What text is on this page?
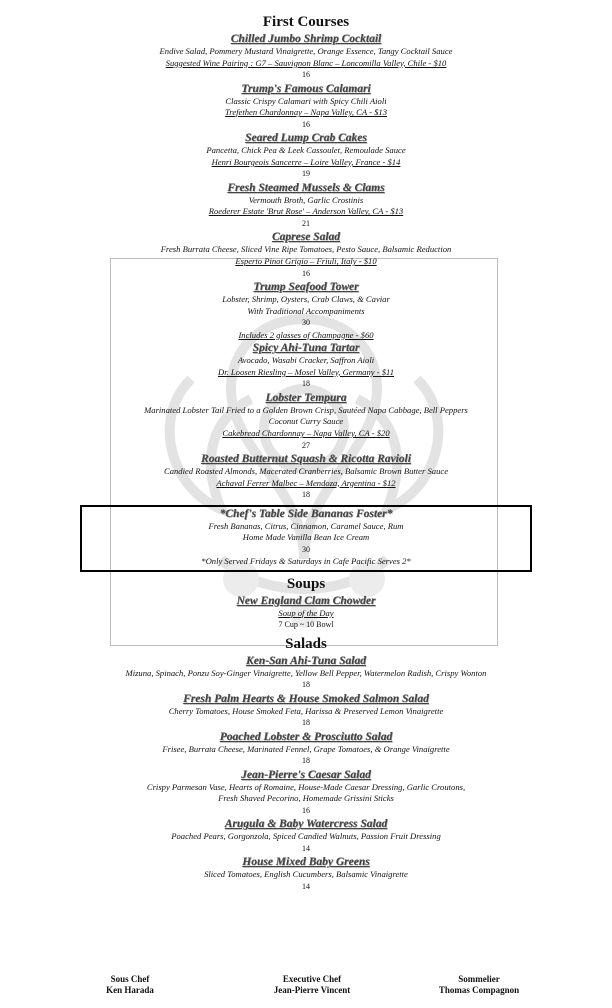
First Courses
Chilled Jumbo Shrimp Cocktail
Endive Salad, Pommery Mustard Vinaigrette, Orange Essence, Tangy Cocktail Sauce
Suggested Wine Pairing : G7 – Sauvignon Blanc – Loncomilla Valley, Chile - $10
16
Trump's Famous Calamari
Classic Crispy Calamari with Spicy Chili Aioli
Trefethen Chardonnay – Napa Valley, CA - $13
16
Seared Lump Crab Cakes
Pancetta, Chick Pea & Leek Cassoulet, Remoulade Sauce
Henri Bourgeois Sancerre – Loire Valley, France - $14
19
Fresh Steamed Mussels & Clams
Vermouth Broth, Garlic Crostinis
Roederer Estate 'Brut Rose' – Anderson Valley, CA - $13
21
Caprese Salad
Fresh Burrata Cheese, Sliced Vine Ripe Tomatoes, Pesto Sauce, Balsamic Reduction
Esperto Pinot Grigio – Friuli, Italy - $10
16
Trump Seafood Tower
Lobster, Shrimp, Oysters, Crab Claws, & Caviar
With Traditional Accompaniments
30
Includes 2 glasses of Champagne - $60
Spicy Ahi-Tuna Tartar
Avocado, Wasabi Cracker, Saffron Aioli
Dr. Loosen Riesling – Mosel Valley, Germany - $11
18
Lobster Tempura
Marinated Lobster Tail Fried to a Golden Brown Crisp, Sautéed Napa Cabbage, Bell Peppers
Coconut Curry Sauce
Cakebread Chardonnay – Napa Valley, CA - $20
27
Roasted Butternut Squash & Ricotta Ravioli
Candied Roasted Almonds, Macerated Cranberries, Balsamic Brown Butter Sauce
Achaval Ferrer Malbec – Mendoza, Argentina - $12
18
*Chef's Table Side Bananas Foster*
Fresh Bananas, Citrus, Cinnamon, Caramel Sauce, Rum
Home Made Vanilla Bean Ice Cream
30
*Only Served Fridays & Saturdays in Cafe Pacific Serves 2*
Soups
New England Clam Chowder
Soup of the Day
7 Cup ~ 10 Bowl
Salads
Ken-San Ahi-Tuna Salad
Mizuna, Spinach, Ponzu Soy-Ginger Vinaigrette, Yellow Bell Pepper, Watermelon Radish, Crispy Wonton
18
Fresh Palm Hearts & House Smoked Salmon Salad
Cherry Tomatoes, House Smoked Feta, Harissa & Preserved Lemon Vinaigrette
18
Poached Lobster & Prosciutto Salad
Frisee, Burrata Cheese, Marinated Fennel, Grape Tomatoes, & Orange Vinaigrette
18
Jean-Pierre's Caesar Salad
Crispy Parmesan Vase, Hearts of Romaine, House-Made Caesar Dressing, Garlic Croutons,
Fresh Shaved Pecorino, Homemade Grissini Sticks
16
Arugula & Baby Watercress Salad
Poached Pears, Gorgonzola, Spiced Candied Walnuts, Passion Fruit Dressing
14
House Mixed Baby Greens
Sliced Tomatoes, English Cucumbers, Balsamic Vinaigrette
14
Sous Chef
Ken Harada
Executive Chef
Jean-Pierre Vincent
Sommelier
Thomas Compagnon
